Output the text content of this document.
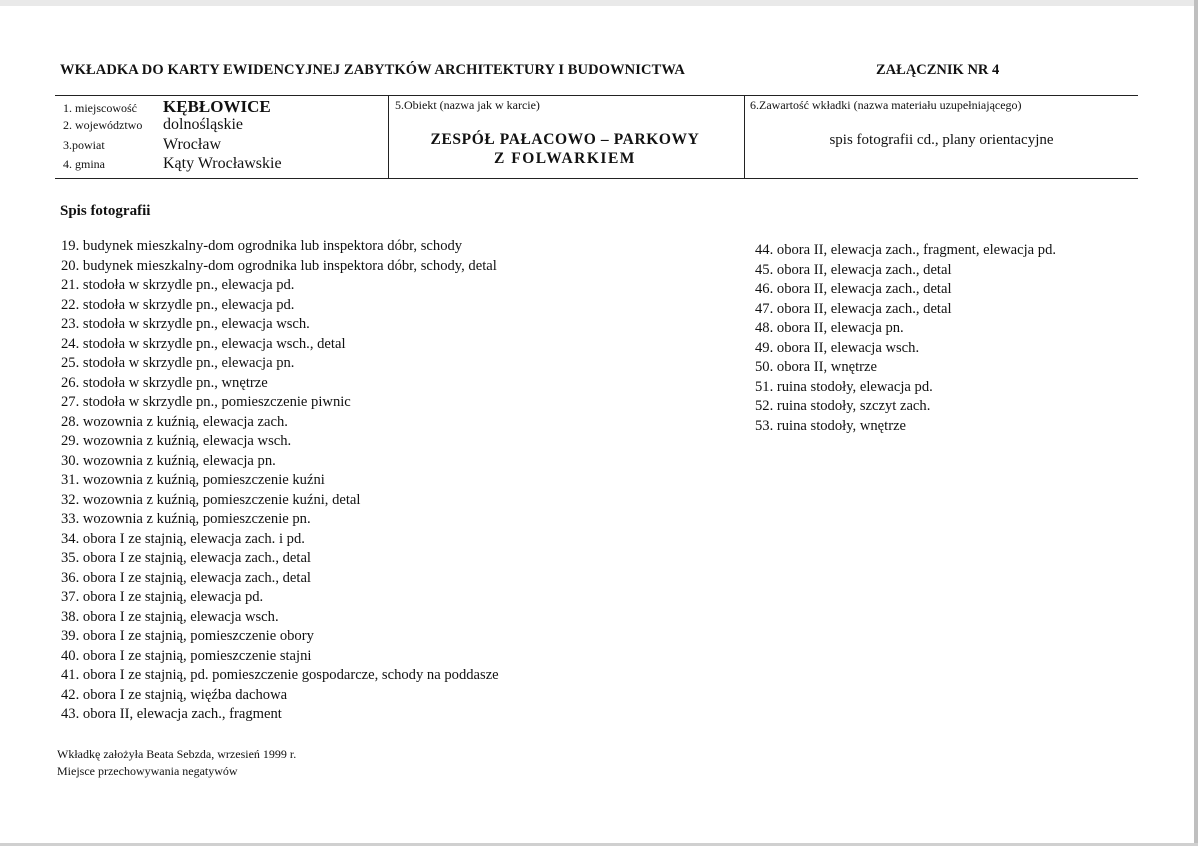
WKŁADKA DO KARTY EWIDENCYJNEJ ZABYTKÓW ARCHITEKTURY I BUDOWNICTWA	ZAŁĄCZNIK NR 4
1. miejscowość KĘBŁOWICE
2. województwo dolnośląskie
3.powiat	Wrocław
4. gmina	Kąty Wrocławskie
5.Obiekt (nazwa jak w karcie)
ZESPÓŁ PAŁACOWO – PARKOWY
Z FOLWARKIEM
6.Zawartość wkładki (nazwa materiału uzupełniającego)
spis fotografii cd., plany orientacyjne
Spis fotografii
19. budynek mieszkalny-dom ogrodnika lub inspektora dóbr, schody
20. budynek mieszkalny-dom ogrodnika lub inspektora dóbr, schody, detal
21. stodoła w skrzydle pn., elewacja pd.
22. stodoła w skrzydle pn., elewacja pd.
23. stodoła w skrzydle pn., elewacja wsch.
24. stodoła w skrzydle pn., elewacja wsch., detal
25. stodoła w skrzydle pn., elewacja pn.
26. stodoła w skrzydle pn., wnętrze
27. stodoła w skrzydle pn., pomieszczenie piwnic
28. wozownia z kuźnią, elewacja zach.
29. wozownia z kuźnią, elewacja wsch.
30. wozownia z kuźnią, elewacja pn.
31. wozownia z kuźnią, pomieszczenie kuźni
32. wozownia z kuźnią, pomieszczenie kuźni, detal
33. wozownia z kuźnią, pomieszczenie pn.
34. obora I ze stajnią, elewacja zach. i pd.
35. obora I ze stajnią, elewacja zach., detal
36. obora I ze stajnią, elewacja zach., detal
37. obora I ze stajnią, elewacja pd.
38. obora I ze stajnią, elewacja wsch.
39. obora I ze stajnią, pomieszczenie obory
40. obora I ze stajnią, pomieszczenie stajni
41. obora I ze stajnią, pd. pomieszczenie gospodarcze, schody na poddasze
42. obora I ze stajnią, więźba dachowa
43. obora II, elewacja zach., fragment
44. obora II, elewacja zach., fragment, elewacja pd.
45. obora II, elewacja zach., detal
46. obora II, elewacja zach., detal
47. obora II, elewacja zach., detal
48. obora II, elewacja pn.
49. obora II, elewacja wsch.
50. obora II, wnętrze
51. ruina stodoły, elewacja pd.
52. ruina stodoły, szczyt zach.
53. ruina stodoły, wnętrze
Wkładkę założyła Beata Sebzda, wrzesień 1999 r.
Miejsce przechowywania negatywów
